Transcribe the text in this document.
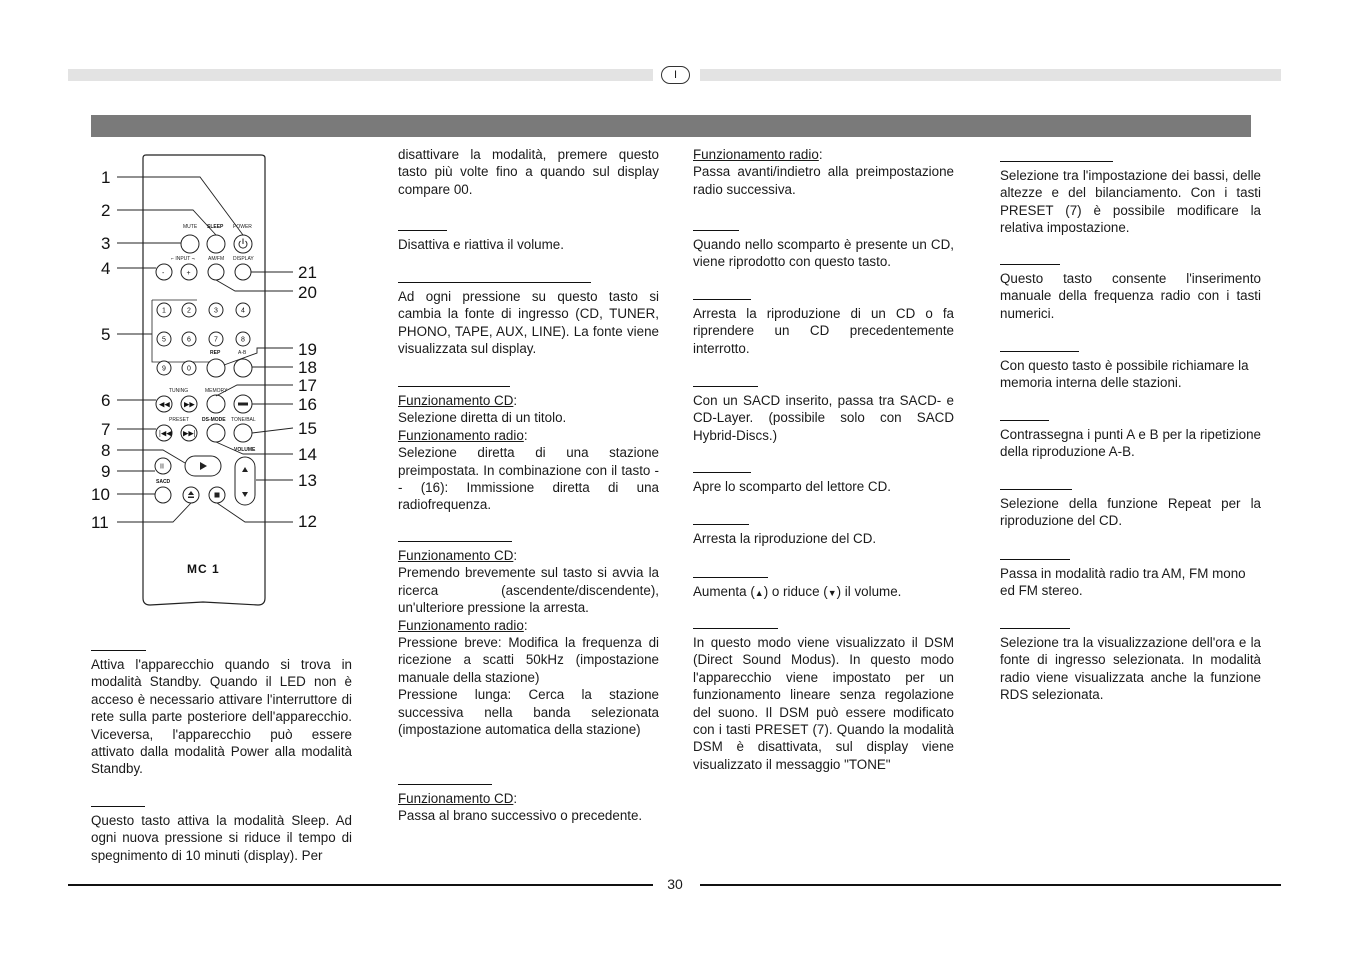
I
MUTE SLEEP POWER
⌐ INPUT ¬	AM/FM DISPLAY
-	+
1	2	3	4
5	6	7	8
REP	A-B
9	0
TUNING	MEMORY
◀◀ ▶▶
PRESET	DS-MODE TONE/BAL
|◀◀ ▶▶|
VOLUME
II
SACD
MC 1
1
2
3
4
5
6
7
8
9
10
11
21
20
19
18
17
16
15
14
13
12

Attiva l'apparecchio quando si trova in modalità Standby. Quando il LED non è acceso è necessario attivare l'interruttore di rete sulla parte posteriore dell'apparecchio. Viceversa, l'apparecchio può essere attivato dalla modalità Power alla modalità Standby.

Questo tasto attiva la modalità Sleep. Ad ogni nuova pressione si riduce il tempo di spegnimento di 10 minuti (display). Per

disattivare la modalità, premere questo tasto più volte fino a quando sul display compare 00.

Disattiva e riattiva il volume.

Ad ogni pressione su questo tasto si cambia la fonte di ingresso (CD, TUNER, PHONO, TAPE, AUX, LINE). La fonte viene visualizzata sul display.

Funzionamento CD:

Selezione diretta di un titolo.

Funzionamento radio:

Selezione diretta di una stazione preimpostata. In combinazione con il tasto -- (16): Immissione diretta di una radiofrequenza.

Funzionamento CD:

Premendo brevemente sul tasto si avvia la ricerca (ascendente/discendente), un'ulteriore pressione la arresta.

Funzionamento radio:

Pressione breve: Modifica la frequenza di ricezione a scatti 50kHz (impostazione manuale della stazione)

Pressione lunga: Cerca la stazione successiva nella banda selezionata (impostazione automatica della stazione)

Funzionamento CD:

Passa al brano successivo o precedente.

Funzionamento radio:

Passa avanti/indietro alla preimpostazione radio successiva.

Quando nello scomparto è presente un CD, viene riprodotto con questo tasto.

Arresta la riproduzione di un CD o fa riprendere un CD precedentemente interrotto.

Con un SACD inserito, passa tra SACD- e CD-Layer. (possibile solo con SACD Hybrid-Discs.)

Apre lo scomparto del lettore CD.

Arresta la riproduzione del CD.

Aumenta (▲) o riduce (▼) il volume.

In questo modo viene visualizzato il DSM (Direct Sound Modus). In questo modo l'apparecchio viene impostato per un funzionamento lineare senza regolazione del suono. Il DSM può essere modificato con i tasti PRESET (7). Quando la modalità DSM è disattivata, sul display viene visualizzato il messaggio "TONE"

Selezione tra l'impostazione dei bassi, delle altezze e del bilanciamento. Con i tasti PRESET (7) è possibile modificare la relativa impostazione.

Questo tasto consente l'inserimento manuale della frequenza radio con i tasti numerici.

Con questo tasto è possibile richiamare la memoria interna delle stazioni.

Contrassegna i punti A e B per la ripetizione della riproduzione A-B.

Selezione della funzione Repeat per la riproduzione del CD.

Passa in modalità radio tra AM, FM mono ed FM stereo.

Selezione tra la visualizzazione dell'ora e la fonte di ingresso selezionata. In modalità radio viene visualizzata anche la funzione RDS selezionata.

30
